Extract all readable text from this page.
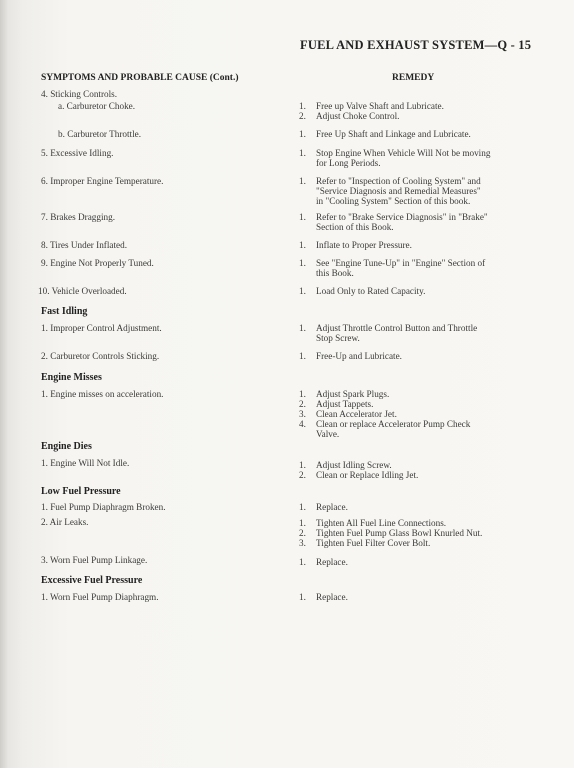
FUEL AND EXHAUST SYSTEM—Q - 15
SYMPTOMS AND PROBABLE CAUSE (Cont.)	REMEDY
4. Sticking Controls.
a. Carburetor Choke.
b. Carburetor Throttle.
5. Excessive Idling.
6. Improper Engine Temperature.
7. Brakes Dragging.
8. Tires Under Inflated.
9. Engine Not Properly Tuned.
10. Vehicle Overloaded.
Fast Idling
1. Improper Control Adjustment.
2. Carburetor Controls Sticking.
Engine Misses
1. Engine misses on acceleration.
Engine Dies
1. Engine Will Not Idle.
Low Fuel Pressure
1. Fuel Pump Diaphragm Broken.
2. Air Leaks.
3. Worn Fuel Pump Linkage.
Excessive Fuel Pressure
1. Worn Fuel Pump Diaphragm.
1. Free up Valve Shaft and Lubricate.
2. Adjust Choke Control.
1. Free Up Shaft and Linkage and Lubricate.
1. Stop Engine When Vehicle Will Not be moving
for Long Periods.
1. Refer to "Inspection of Cooling System" and
"Service Diagnosis and Remedial Measures"
in "Cooling System" Section of this book.
1. Refer to "Brake Service Diagnosis" in "Brake"
Section of this Book.
1. Inflate to Proper Pressure.
1. See "Engine Tune-Up" in "Engine" Section of
this Book.
1. Load Only to Rated Capacity.
1. Adjust Throttle Control Button and Throttle
Stop Screw.
1. Free-Up and Lubricate.
1. Adjust Spark Plugs.
2. Adjust Tappets.
3. Clean Accelerator Jet.
4. Clean or replace Accelerator Pump Check
Valve.
1. Adjust Idling Screw.
2. Clean or Replace Idling Jet.
1. Replace.
1. Tighten All Fuel Line Connections.
2. Tighten Fuel Pump Glass Bowl Knurled Nut.
3. Tighten Fuel Filter Cover Bolt.
1. Replace.
1. Replace.
